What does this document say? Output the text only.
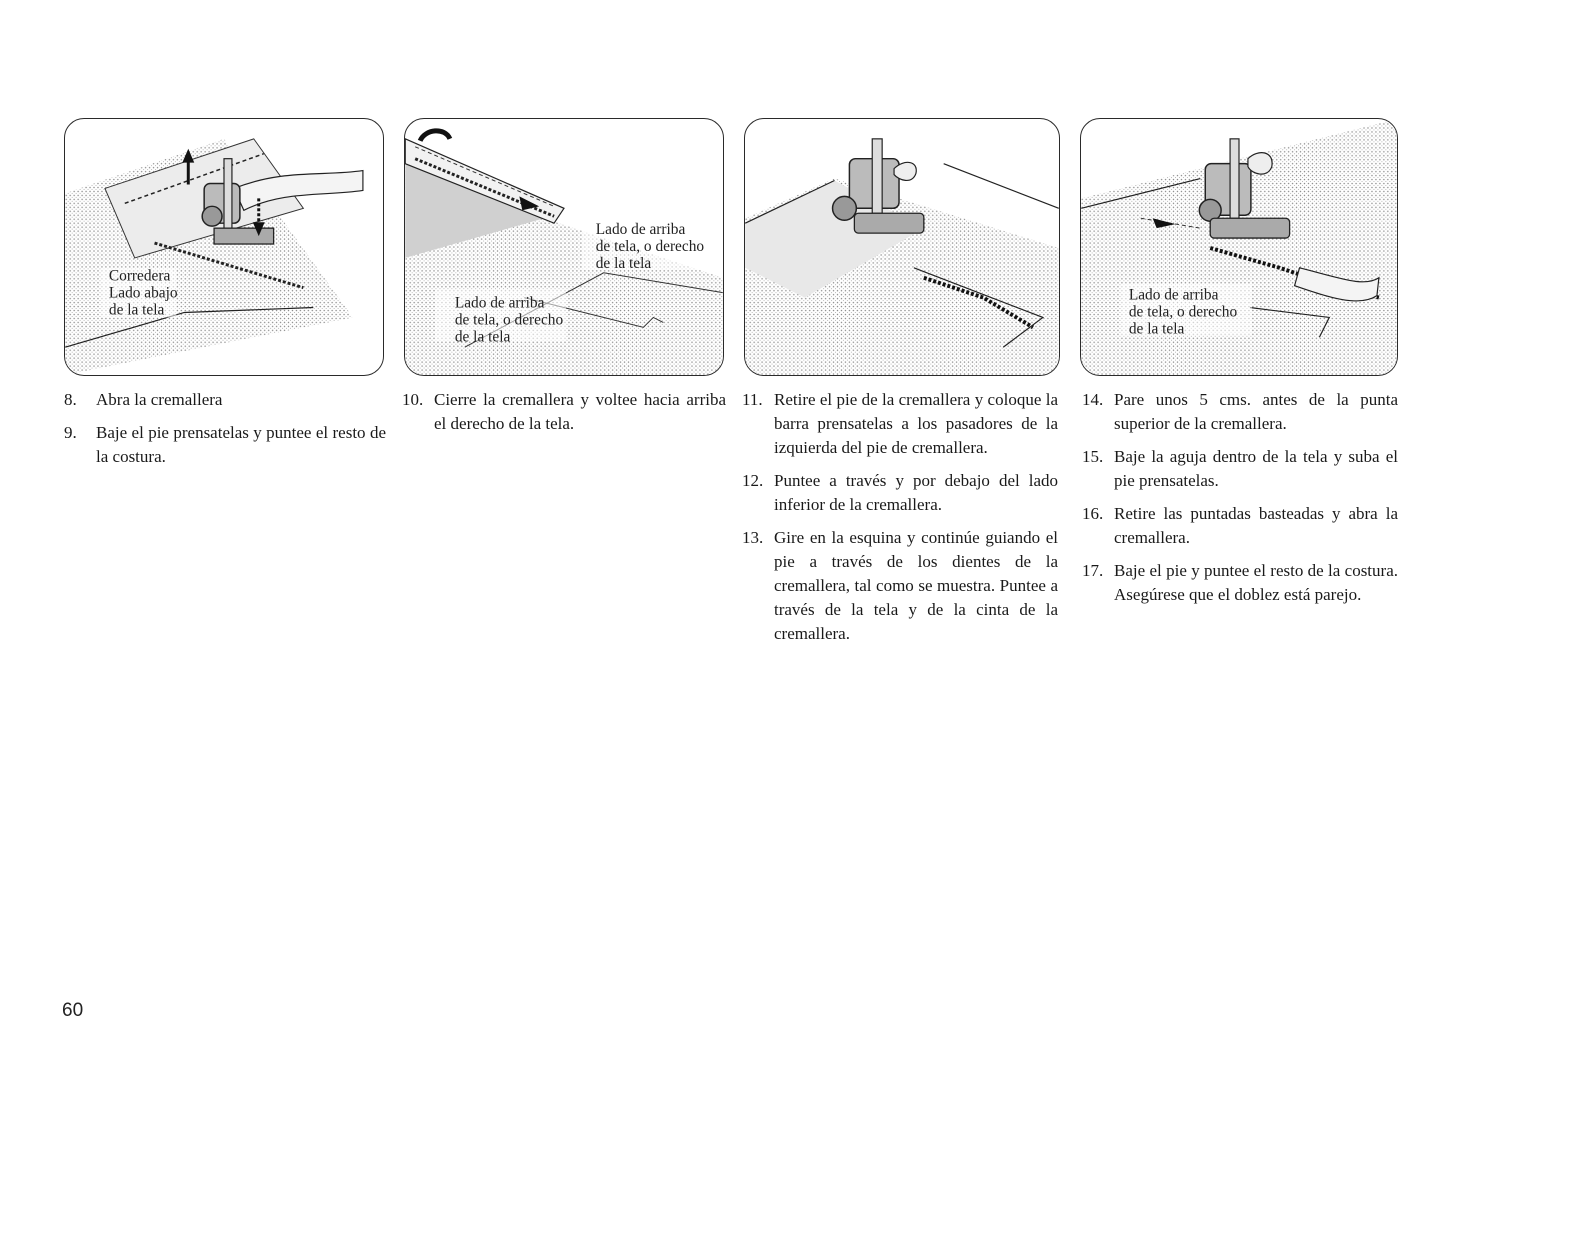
Corredera
Lado abajo
de la tela
Lado de arriba
de tela, o derecho
de la tela
Lado de arriba
de tela, o derecho
de la tela
Lado de arriba
de tela, o derecho
de la tela
8. Abra la cremallera
9. Baje el pie prensatelas y puntee el resto de la costura.
10. Cierre la cremallera y voltee hacia arriba el derecho de la tela.
11. Retire el pie de la cremallera y coloque la barra prensatelas a los pasadores de la izquierda del pie de cremallera.
12. Puntee a través y por debajo del lado inferior de la cremallera.
13. Gire en la esquina y continúe guiando el pie a través de los dientes de la cremallera, tal como se muestra. Puntee a través de la tela y de la cinta de la cremallera.
14. Pare unos 5 cms. antes de la punta superior de la cremallera.
15. Baje la aguja dentro de la tela y suba el pie prensatelas.
16. Retire las puntadas basteadas y abra la cremallera.
17. Baje el pie y puntee el resto de la costura. Asegúrese que el doblez está parejo.
60
